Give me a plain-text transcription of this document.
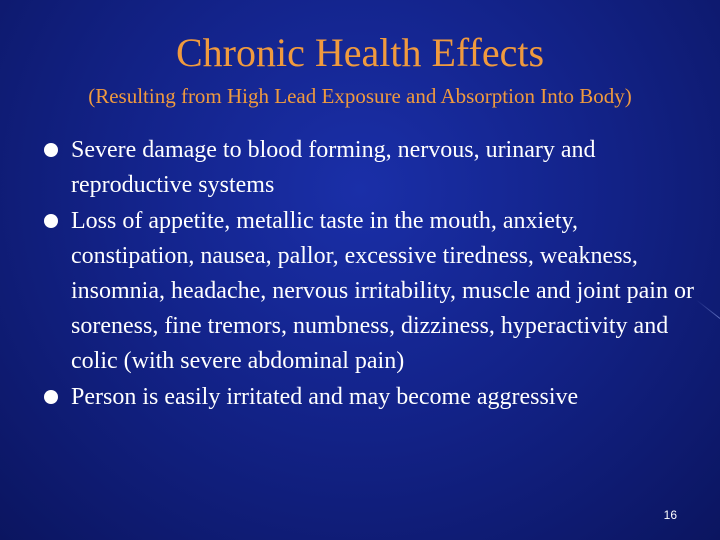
Chronic Health Effects
(Resulting from High Lead Exposure and Absorption Into Body)
Severe damage to blood forming, nervous, urinary and reproductive systems
Loss of appetite, metallic taste in the mouth, anxiety, constipation, nausea, pallor, excessive tiredness, weakness, insomnia, headache, nervous irritability, muscle and joint pain or soreness, fine tremors, numbness, dizziness, hyperactivity and colic (with severe abdominal pain)
Person is easily irritated and may become aggressive
16
